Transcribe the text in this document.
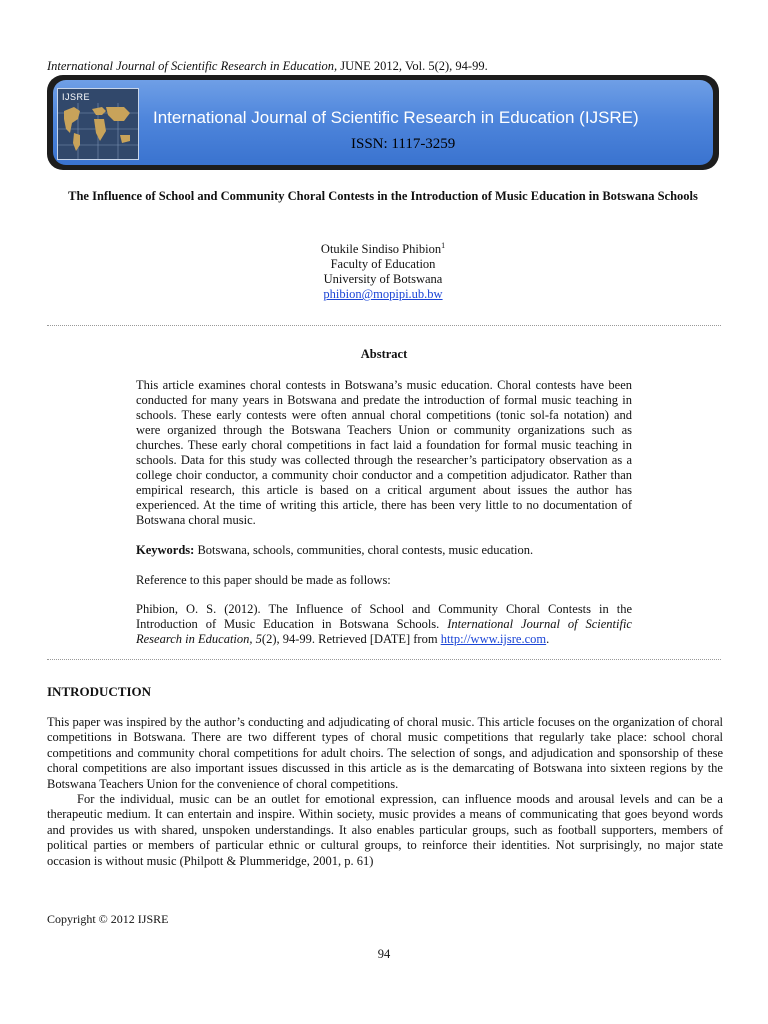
International Journal of Scientific Research in Education, JUNE 2012, Vol. 5(2), 94-99.
IJSRE
International Journal of Scientific Research in Education (IJSRE)
ISSN: 1117-3259
The Influence of School and Community Choral Contests in the Introduction of Music Education in Botswana Schools
Otukile Sindiso Phibion$^1$
Faculty of Education
University of Botswana
phibion@mopipi.ub.bw
Abstract
This article examines choral contests in Botswana’s music education. Choral contests have been conducted for many years in Botswana and predate the introduction of formal music teaching in schools. These early contests were often annual choral competitions (tonic sol-fa notation) and were organized through the Botswana Teachers Union or community organizations such as churches. These early choral competitions in fact laid a foundation for formal music teaching in schools. Data for this study was collected through the researcher’s participatory observation as a college choir conductor, a community choir conductor and a competition adjudicator. Rather than empirical research, this article is based on a critical argument about issues the author has experienced. At the time of writing this article, there has been very little to no documentation of Botswana choral music.
Keywords: Botswana, schools, communities, choral contests, music education.
Reference to this paper should be made as follows:
Phibion, O. S. (2012). The Influence of School and Community Choral Contests in the Introduction of Music Education in Botswana Schools. International Journal of Scientific Research in Education, 5(2), 94-99. Retrieved [DATE] from http://www.ijsre.com.
INTRODUCTION

This paper was inspired by the author’s conducting and adjudicating of choral music. This article focuses on the organization of choral competitions in Botswana. There are two different types of choral music competitions that regularly take place: school choral competitions and community choral competitions for adult choirs. The selection of songs, and adjudication and sponsorship of these choral competitions are also important issues discussed in this article as is the demarcating of Botswana into sixteen regions by the Botswana Teachers Union for the convenience of choral competitions.

For the individual, music can be an outlet for emotional expression, can influence moods and arousal levels and can be a therapeutic medium. It can entertain and inspire. Within society, music provides a means of communicating that goes beyond words and provides us with shared, unspoken understandings. It also enables particular groups, such as football supporters, members of political parties or members of particular ethnic or cultural groups, to reinforce their identities. Not surprisingly, no major state occasion is without music (Philpott & Plummeridge, 2001, p. 61)

Copyright © 2012 IJSRE
94
